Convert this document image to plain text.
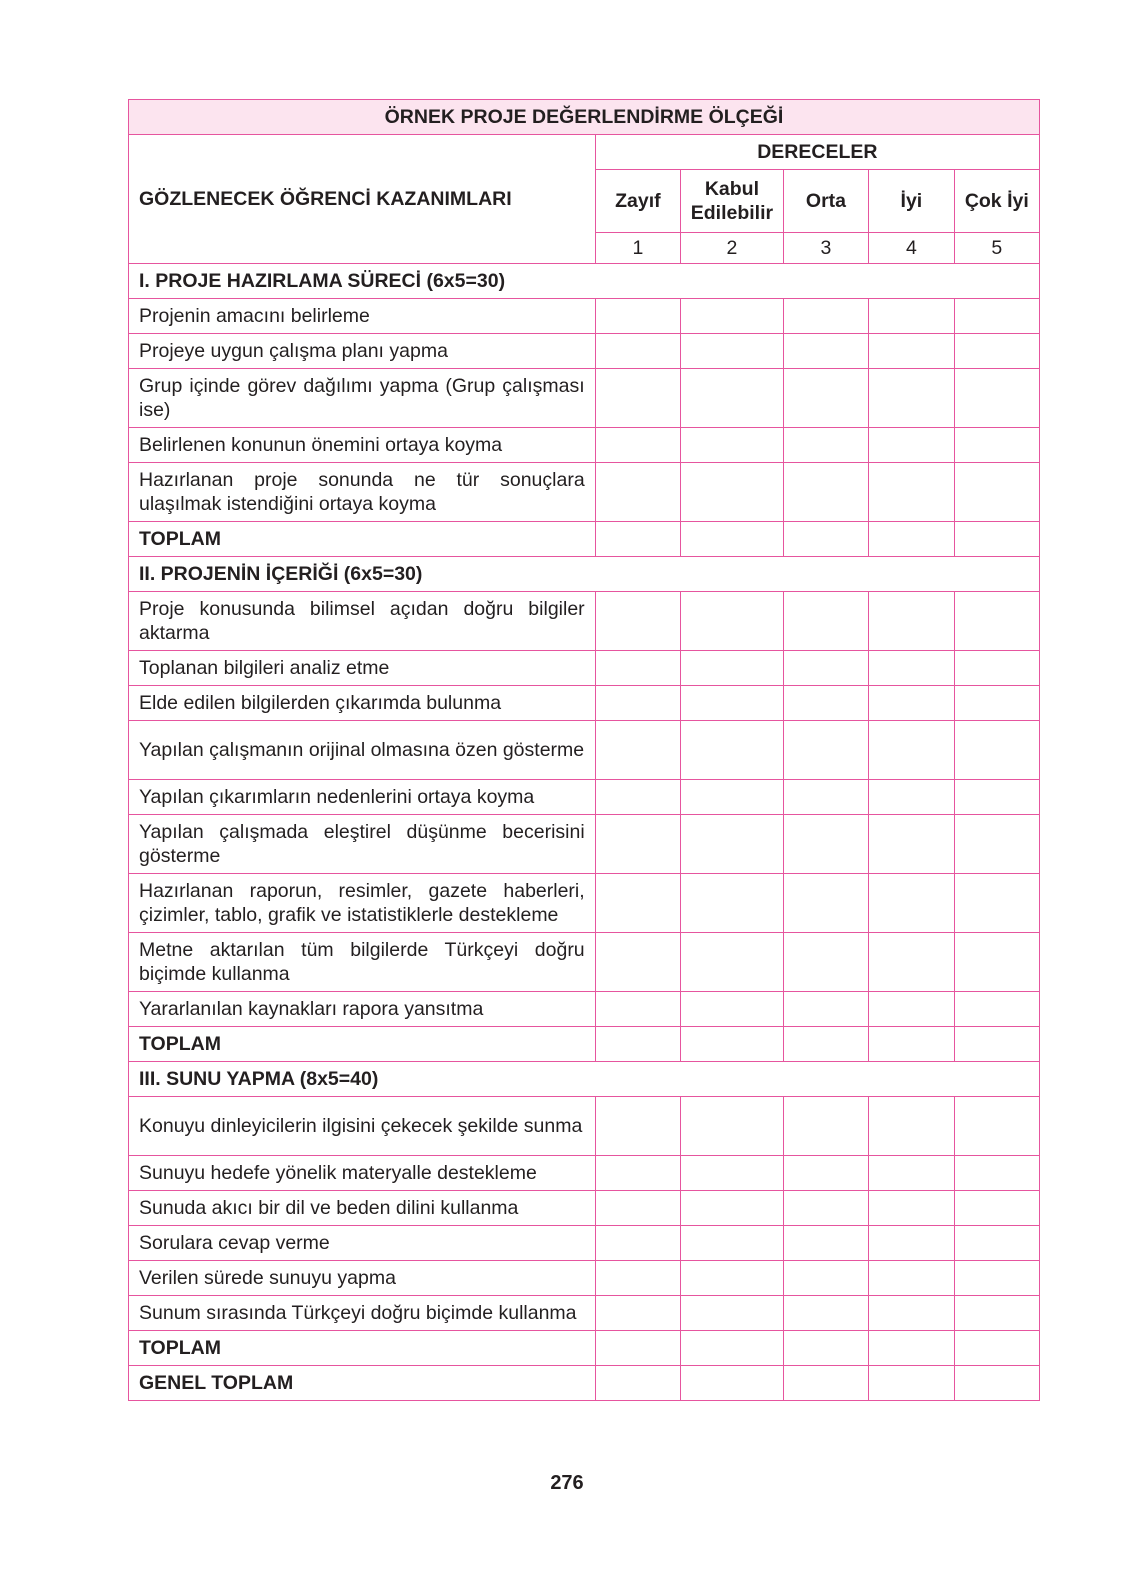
ÖRNEK PROJE DEĞERLENDİRME ÖLÇEĞİ					
GÖZLENECEK ÖĞRENCİ KAZANIMLARI	DERECELER				
	Zayıf	Kabul Edilebilir	Orta	İyi	Çok İyi
	1	2	3	4	5
I. PROJE HAZIRLAMA SÜRECİ (6x5=30)					
Projenin amacını belirleme					
Projeye uygun çalışma planı yapma					
Grup içinde görev dağılımı yapma (Grup çalışması ise)					
Belirlenen konunun önemini ortaya koyma					
Hazırlanan proje sonunda ne tür sonuçlara ulaşılmak istendiğini ortaya koyma					
TOPLAM					
II. PROJENİN İÇERİĞİ (6x5=30)					
Proje konusunda bilimsel açıdan doğru bilgiler aktarma					
Toplanan bilgileri analiz etme					
Elde edilen bilgilerden çıkarımda bulunma					
Yapılan çalışmanın orijinal olmasına özen gösterme					
Yapılan çıkarımların nedenlerini ortaya koyma					
Yapılan çalışmada eleştirel düşünme becerisini gösterme					
Hazırlanan raporun, resimler, gazete haberleri, çizimler, tablo, grafik ve istatistiklerle destekleme					
Metne aktarılan tüm bilgilerde Türkçeyi doğru biçimde kullanma					
Yararlanılan kaynakları rapora yansıtma					
TOPLAM					
III. SUNU YAPMA (8x5=40)					
Konuyu dinleyicilerin ilgisini çekecek şekilde sunma					
Sunuyu hedefe yönelik materyalle destekleme					
Sunuda akıcı bir dil ve beden dilini kullanma					
Sorulara cevap verme					
Verilen sürede sunuyu yapma					
Sunum sırasında Türkçeyi doğru biçimde kullanma					
TOPLAM					
GENEL TOPLAM					
276
